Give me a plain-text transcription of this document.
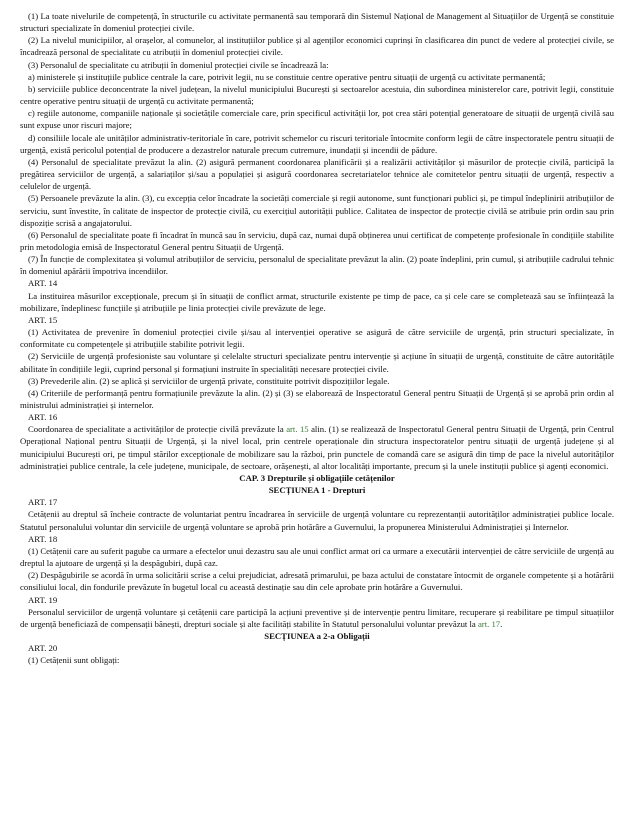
(1) La toate nivelurile de competență, în structurile cu activitate permanentă sau temporară din Sistemul Național de Management al Situațiilor de Urgență se constituie structuri specializate în domeniul protecției civile.

(2) La nivelul municipiilor, al orașelor, al comunelor, al instituțiilor publice și al agenților economici cuprinși în clasificarea din punct de vedere al protecției civile, se încadrează personal de specialitate cu atribuții în domeniul protecției civile.

(3) Personalul de specialitate cu atribuții în domeniul protecției civile se încadrează la:

a) ministerele și instituțiile publice centrale la care, potrivit legii, nu se constituie centre operative pentru situații de urgență cu activitate permanentă;

b) serviciile publice deconcentrate la nivel județean, la nivelul municipiului București și sectoarelor acestuia, din subordinea ministerelor care, potrivit legii, constituie centre operative pentru situații de urgență cu activitate permanentă;

c) regiile autonome, companiile naționale și societățile comerciale care, prin specificul activității lor, pot crea stări potențial generatoare de situații de urgență civilă sau sunt expuse unor riscuri majore;

d) consiliile locale ale unităților administrativ-teritoriale în care, potrivit schemelor cu riscuri teritoriale întocmite conform legii de către inspectoratele pentru situații de urgență, există pericolul potențial de producere a dezastrelor naturale precum cutremure, inundații și incendii de pădure.

(4) Personalul de specialitate prevăzut la alin. (2) asigură permanent coordonarea planificării și a realizării activităților și măsurilor de protecție civilă, participă la pregătirea serviciilor de urgență, a salariaților și/sau a populației și asigură coordonarea secretariatelor tehnice ale comitetelor pentru situații de urgență, respectiv a celulelor de urgență.

(5) Persoanele prevăzute la alin. (3), cu excepția celor încadrate la societăți comerciale și regii autonome, sunt funcționari publici și, pe timpul îndeplinirii atribuțiilor de serviciu, sunt învestite, în calitate de inspector de protecție civilă, cu exercițiul autorității publice. Calitatea de inspector de protecție civilă se atribuie prin ordin sau prin dispoziție scrisă a angajatorului.

(6) Personalul de specialitate poate fi încadrat în muncă sau în serviciu, după caz, numai după obținerea unui certificat de competențe profesionale în condițiile stabilite prin metodologia emisă de Inspectoratul General pentru Situații de Urgență.

(7) În funcție de complexitatea și volumul atribuțiilor de serviciu, personalul de specialitate prevăzut la alin. (2) poate îndeplini, prin cumul, și atribuțiile cadrului tehnic în domeniul apărării împotriva incendiilor.

ART. 14

La instituirea măsurilor excepționale, precum și în situații de conflict armat, structurile existente pe timp de pace, ca și cele care se completează sau se înființează la mobilizare, îndeplinesc funcțiile și atribuțiile pe linia protecției civile prevăzute de lege.

ART. 15

(1) Activitatea de prevenire în domeniul protecției civile și/sau al intervenției operative se asigură de către serviciile de urgență, prin structuri specializate, în conformitate cu competențele și atribuțiile stabilite potrivit legii.

(2) Serviciile de urgență profesioniste sau voluntare și celelalte structuri specializate pentru intervenție și acțiune în situații de urgență, constituite de către autoritățile abilitate în condițiile legii, cuprind personal și formațiuni instruite în specialități necesare protecției civile.

(3) Prevederile alin. (2) se aplică și serviciilor de urgență private, constituite potrivit dispozițiilor legale.

(4) Criteriile de performanță pentru formațiunile prevăzute la alin. (2) și (3) se elaborează de Inspectoratul General pentru Situații de Urgență și se aprobă prin ordin al ministrului administrației și internelor.

ART. 16

Coordonarea de specialitate a activităților de protecție civilă prevăzute la art. 15 alin. (1) se realizează de Inspectoratul General pentru Situații de Urgență, prin Centrul Operațional Național pentru Situații de Urgență, și la nivel local, prin centrele operaționale din structura inspectoratelor pentru situații de urgență județene și al municipiului București ori, pe timpul stărilor excepționale de mobilizare sau la război, prin punctele de comandă care se asigură din timp de pace la nivelul autorităților administrației publice centrale, la cele județene, municipale, de sectoare, orășenești, al altor localități importante, precum și la unele instituții publice și agenți economici.

CAP. 3 Drepturile și obligațiile cetățenilor

SECȚIUNEA 1 - Drepturi

ART. 17

Cetățenii au dreptul să încheie contracte de voluntariat pentru încadrarea în serviciile de urgență voluntare cu reprezentanții autorităților administrației publice locale. Statutul personalului voluntar din serviciile de urgență voluntare se aprobă prin hotărâre a Guvernului, la propunerea Ministerului Administrației și Internelor.

ART. 18

(1) Cetățenii care au suferit pagube ca urmare a efectelor unui dezastru sau ale unui conflict armat ori ca urmare a executării intervenției de către serviciile de urgență au dreptul la ajutoare de urgență și la despăgubiri, după caz.

(2) Despăgubirile se acordă în urma solicitării scrise a celui prejudiciat, adresată primarului, pe baza actului de constatare întocmit de organele competente și a hotărârii consiliului local, din fondurile prevăzute în bugetul local cu această destinație sau din cele aprobate prin hotărâre a Guvernului.

ART. 19

Personalul serviciilor de urgență voluntare și cetățenii care participă la acțiuni preventive și de intervenție pentru limitare, recuperare și reabilitare pe timpul situațiilor de urgență beneficiază de compensații bănești, drepturi sociale și alte facilități stabilite în Statutul personalului voluntar prevăzut la art. 17.

SECȚIUNEA a 2-a Obligații

ART. 20

(1) Cetățenii sunt obligați:
